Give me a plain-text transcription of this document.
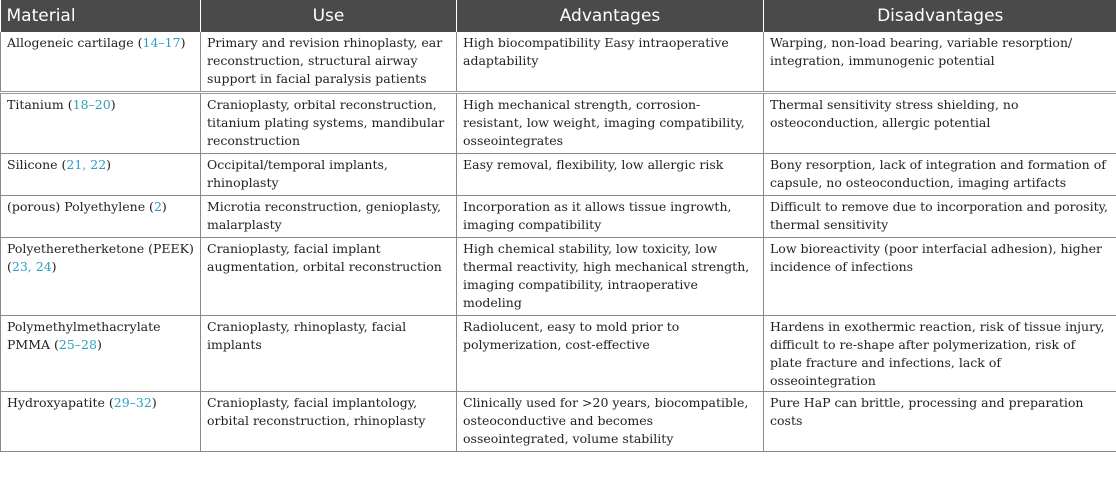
Material	Use	Advantages	Disadvantages
Allogeneic cartilage (14–17)	Primary and revision rhinoplasty, ear reconstruction, structural airway support in facial paralysis patients	High biocompatibility Easy intraoperative adaptability	Warping, non-load bearing, variable resorption/ integration, immunogenic potential
Titanium (18–20)	Cranioplasty, orbital reconstruction, titanium plating systems, mandibular reconstruction	High mechanical strength, corrosion-resistant, low weight, imaging compatibility, osseointegrates	Thermal sensitivity stress shielding, no osteoconduction, allergic potential
Silicone (21, 22)	Occipital/temporal implants, rhinoplasty	Easy removal, flexibility, low allergic risk	Bony resorption, lack of integration and formation of capsule, no osteoconduction, imaging artifacts
(porous) Polyethylene (2)	Microtia reconstruction, genioplasty, malarplasty	Incorporation as it allows tissue ingrowth, imaging compatibility	Difficult to remove due to incorporation and porosity, thermal sensitivity
Polyetheretherketone (PEEK) (23, 24)	Cranioplasty, facial implant augmentation, orbital reconstruction	High chemical stability, low toxicity, low thermal reactivity, high mechanical strength, imaging compatibility, intraoperative modeling	Low bioreactivity (poor interfacial adhesion), higher incidence of infections
Polymethylmethacrylate PMMA (25–28)	Cranioplasty, rhinoplasty, facial implants	Radiolucent, easy to mold prior to polymerization, cost-effective	Hardens in exothermic reaction, risk of tissue injury, difficult to re-shape after polymerization, risk of plate fracture and infections, lack of osseointegration
Hydroxyapatite (29–32)	Cranioplasty, facial implantology, orbital reconstruction, rhinoplasty	Clinically used for >20 years, biocompatible, osteoconductive and becomes osseointegrated, volume stability	Pure HaP can brittle, processing and preparation costs
